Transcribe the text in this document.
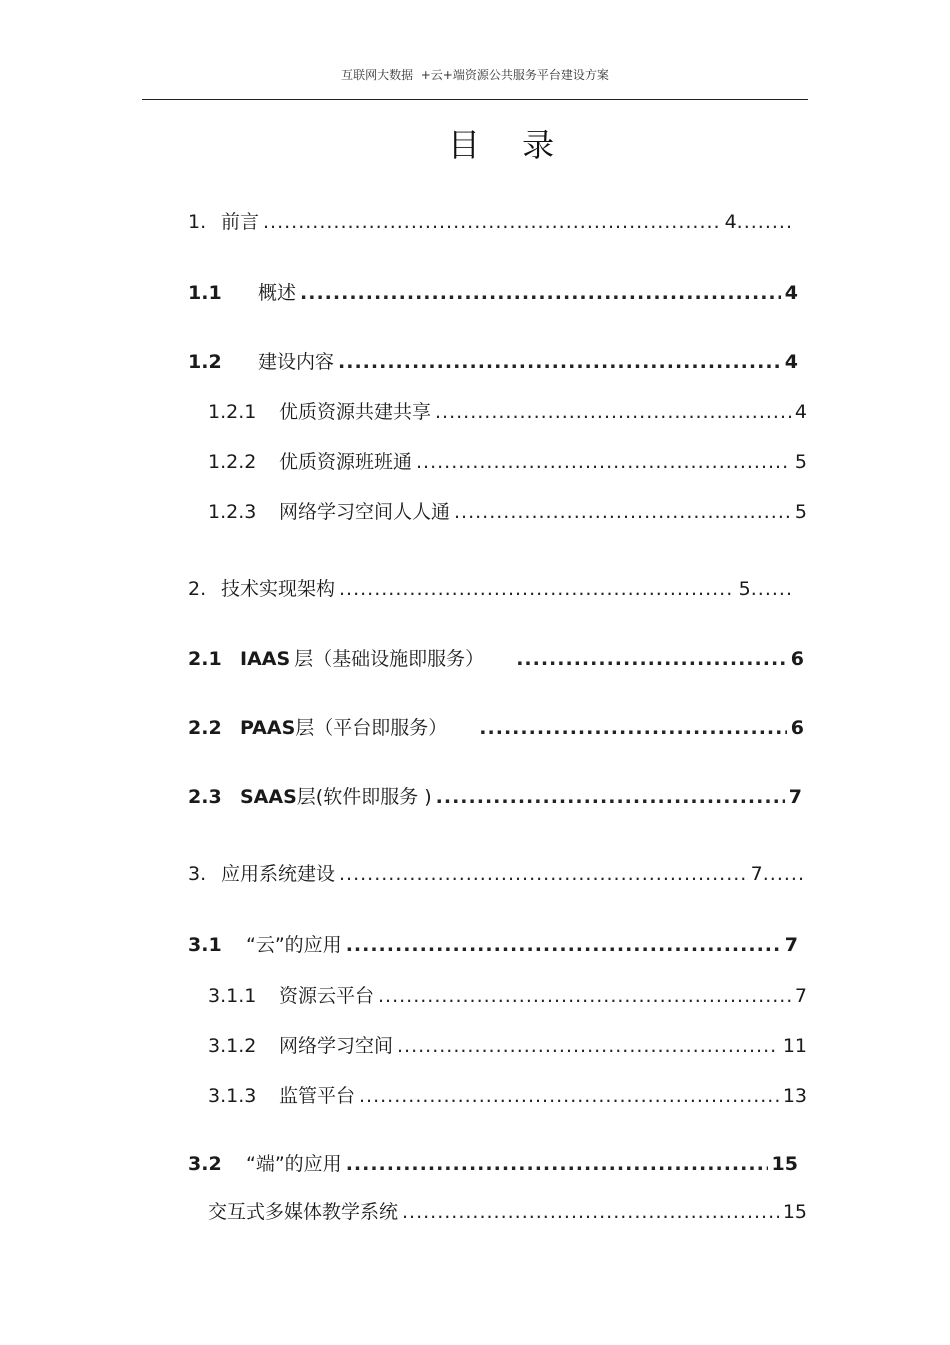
互联网大数据  +云+端资源公共服务平台建设方案
目 录
1. 前言 .....	4 ........
1.1	概述 .....	4
1.2	建设内容 .....	4
1.2.1	优质资源共建共享 .....	4
1.2.2	优质资源班班通 .....	5
1.2.3	网络学习空间人人通 .....	5
2. 技术实现架构 .....	5 ......
2.1 IAAS 层（基础设施即服务） .....	6
2.2 PAAS 层（平台即服务） .....	6
2.3 SAAS 层(软件即服务 ) .....	7
3. 应用系统建设 .....	7 ......
3.1	“云”的应用 .....	7
3.1.1	资源云平台 .....	7
3.1.2	网络学习空间 .....	11
3.1.3	监管平台 .....	13
3.2	“端”的应用 .....	15
交互式多媒体教学系统 .....	15
